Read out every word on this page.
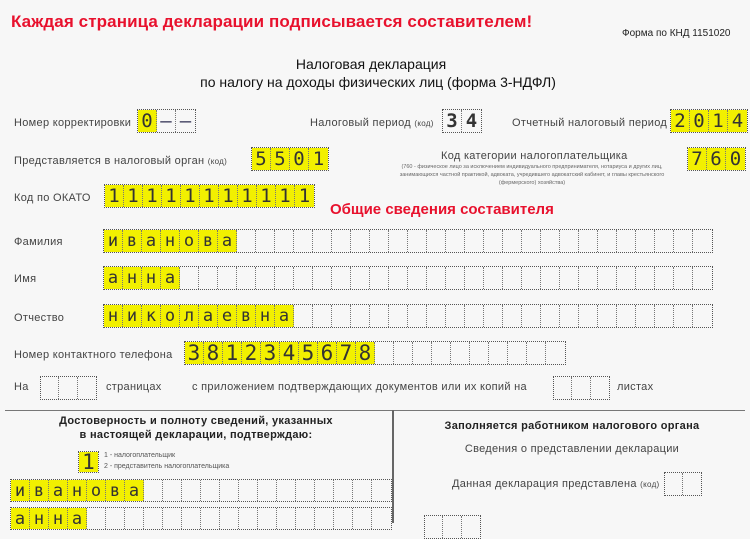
Каждая страница декларации подписывается составителем!
Форма по КНД 1151020
Налоговая декларация
по налогу на доходы физических лиц (форма 3-НДФЛ)
Номер корректировки 0 – –	Налоговый период (код) 3 4	Отчетный налоговый период 2 0 1 4
Представляется в налоговый орган (код) 5 5 0 1	Код категории налогоплательщика
(760 - физическое лицо за исключением индивидуального предпринимателя, нотариуса и других лиц, занимающихся частной практикой, адвоката, учредившего адвокатский кабинет, и главы крестьянского (фермерского) хозяйства)
7 6 0
Код по ОКАТО 1 1 1 1 1 1 1 1 1 1 1
Общие сведения составителя
Фамилия	и в а н о в а
Имя	а н н а
Отчество	н и к о л а е в н а
Номер контактного телефона 3 8 1 2 3 4 5 6 7 8
На	страницах	с приложением подтверждающих документов или их копий на	листах
Достоверность и полноту сведений, указанных
в настоящей декларации, подтверждаю:
1	1 - налогоплательщик
2 - представитель налогоплательщика
и в а н о в а
а н н а
Заполняется работником налогового органа
Сведения о представлении декларации
Данная декларация представлена (код)
